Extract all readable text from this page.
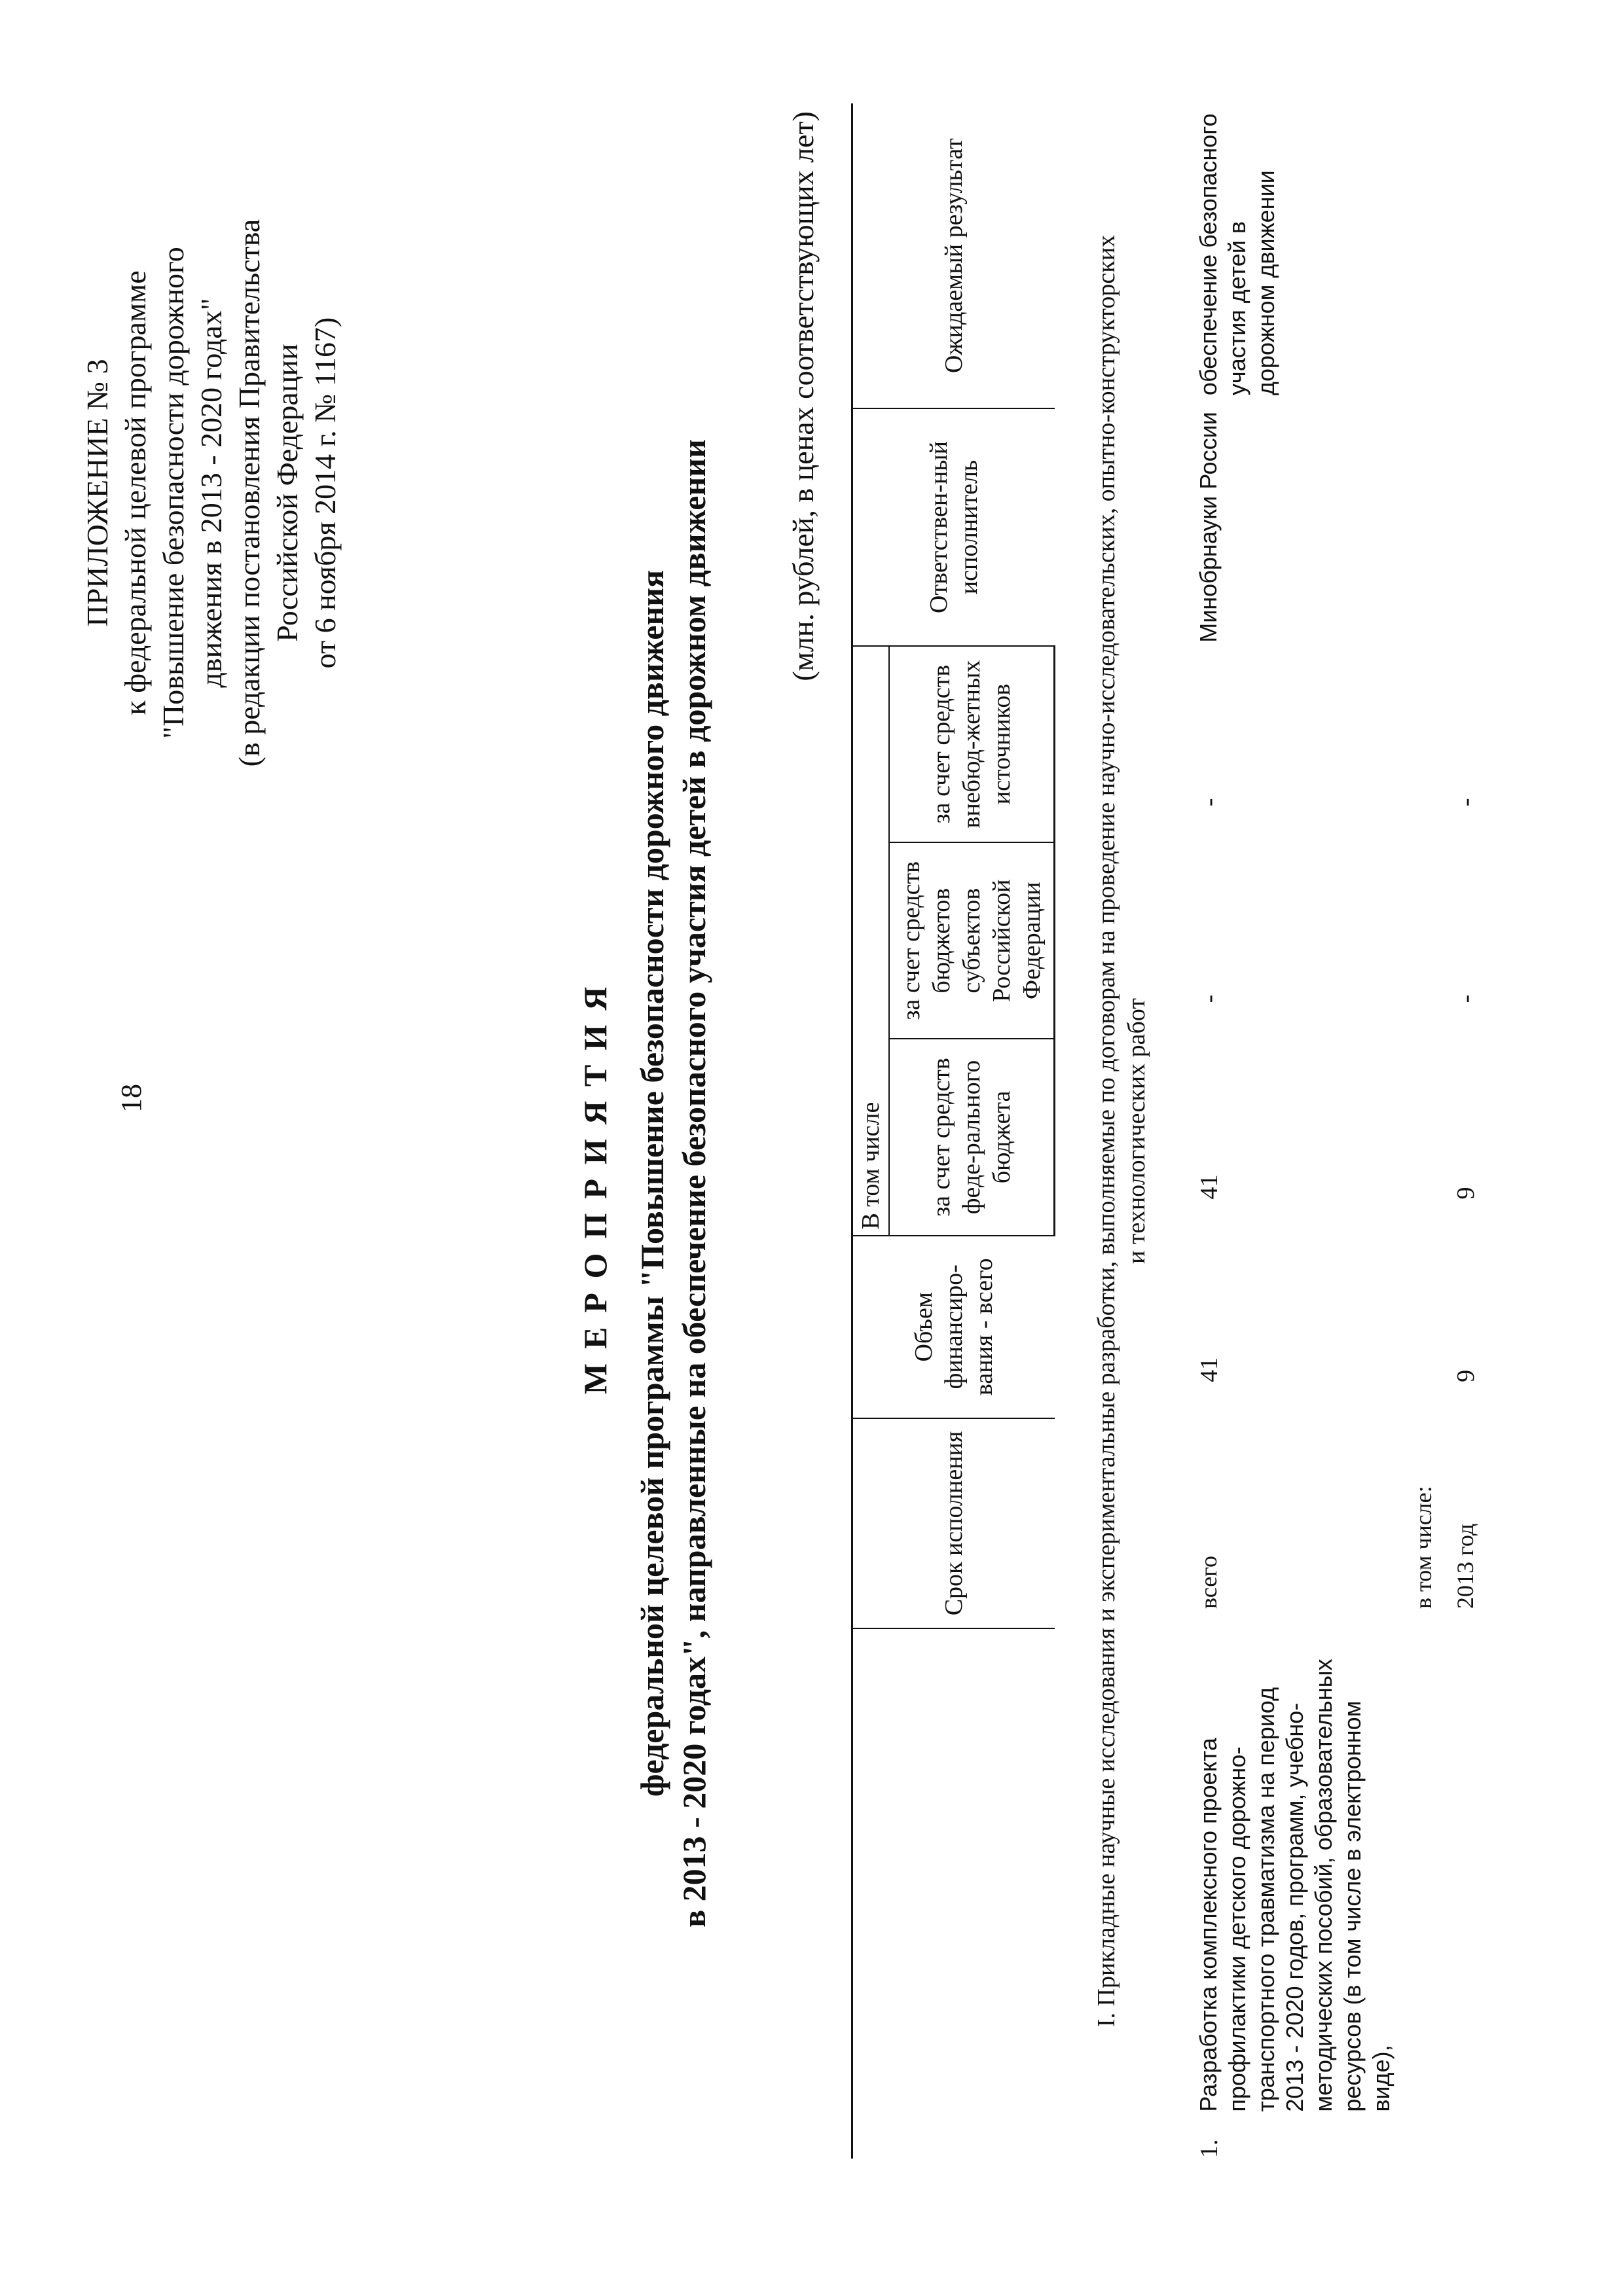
18
ПРИЛОЖЕНИЕ № 3 к федеральной целевой программе "Повышение безопасности дорожного движения в 2013 - 2020 годах" (в редакции постановления Правительства Российской Федерации от 6 ноября 2014 г. № 1167)
МЕРОПРИЯТИЯ федеральной целевой программы "Повышение безопасности дорожного движения в 2013 - 2020 годах", направленные на обеспечение безопасного участия детей в дорожном движении
(млн. рублей, в ценах соответствующих лет)
		Срок исполнения	Объем финансиро-вания - всего	В том числе			Ответствен-ный исполнитель	Ожидаемый результат
				за счет средств феде-рального бюджета	за счет средств бюджетов субъектов Российской Федерации	за счет средств внебюд-жетных источников		
I. Прикладные научные исследования и экспериментальные разработки, выполняемые по договорам на проведение научно-исследовательских, опытно-конструкторских и технологических работ								
1.	Разработка комплексного проекта профилактики детского дорожно-транспортного травматизма на период 2013 - 2020 годов, программ, учебно-методических пособий, образовательных ресурсов (в том числе в электронном виде),	всего	41	41	-	-	Минобрнауки России	обеспечение безопасного участия детей в дорожном движении
		в том числе:						
		2013 год	9	9	-	-		
